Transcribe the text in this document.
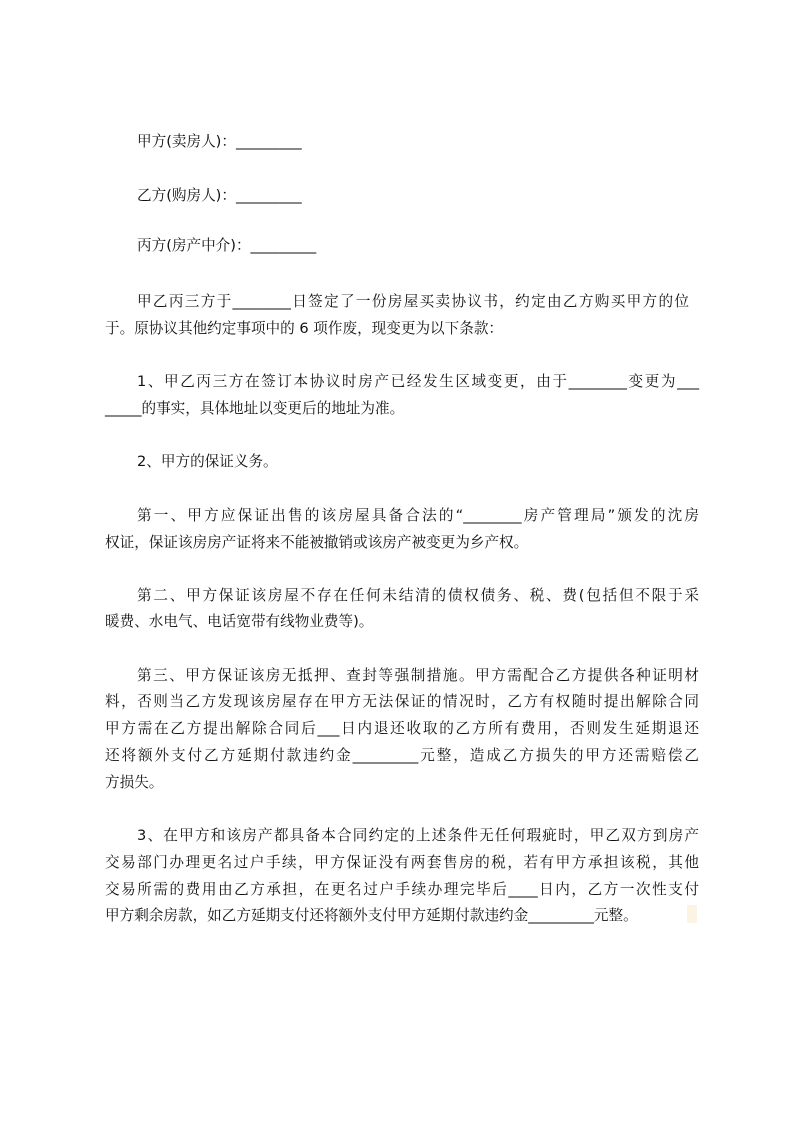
甲方(卖房人)：_________
乙方(购房人)：_________
丙方(房产中介)：_________
甲乙丙三方于________日签定了一份房屋买卖协议书，约定由乙方购买甲方的位
于。原协议其他约定事项中的 6 项作废，现变更为以下条款：
1、甲乙丙三方在签订本协议时房产已经发生区域变更，由于________变更为___
_____的事实，具体地址以变更后的地址为准。
2、甲方的保证义务。
第一、甲方应保证出售的该房屋具备合法的“________房产管理局”颁发的沈房
权证，保证该房房产证将来不能被撤销或该房产被变更为乡产权。
第二、甲方保证该房屋不存在任何未结清的债权债务、税、费(包括但不限于采
暖费、水电气、电话宽带有线物业费等)。
第三、甲方保证该房无抵押、查封等强制措施。甲方需配合乙方提供各种证明材
料，否则当乙方发现该房屋存在甲方无法保证的情况时，乙方有权随时提出解除合同
甲方需在乙方提出解除合同后___日内退还收取的乙方所有费用，否则发生延期退还
还将额外支付乙方延期付款违约金_________元整，造成乙方损失的甲方还需赔偿乙
方损失。
3、在甲方和该房产都具备本合同约定的上述条件无任何瑕疵时，甲乙双方到房产
交易部门办理更名过户手续，甲方保证没有两套售房的税，若有甲方承担该税，其他
交易所需的费用由乙方承担，在更名过户手续办理完毕后____日内，乙方一次性支付
甲方剩余房款，如乙方延期支付还将额外支付甲方延期付款违约金_________元整。
